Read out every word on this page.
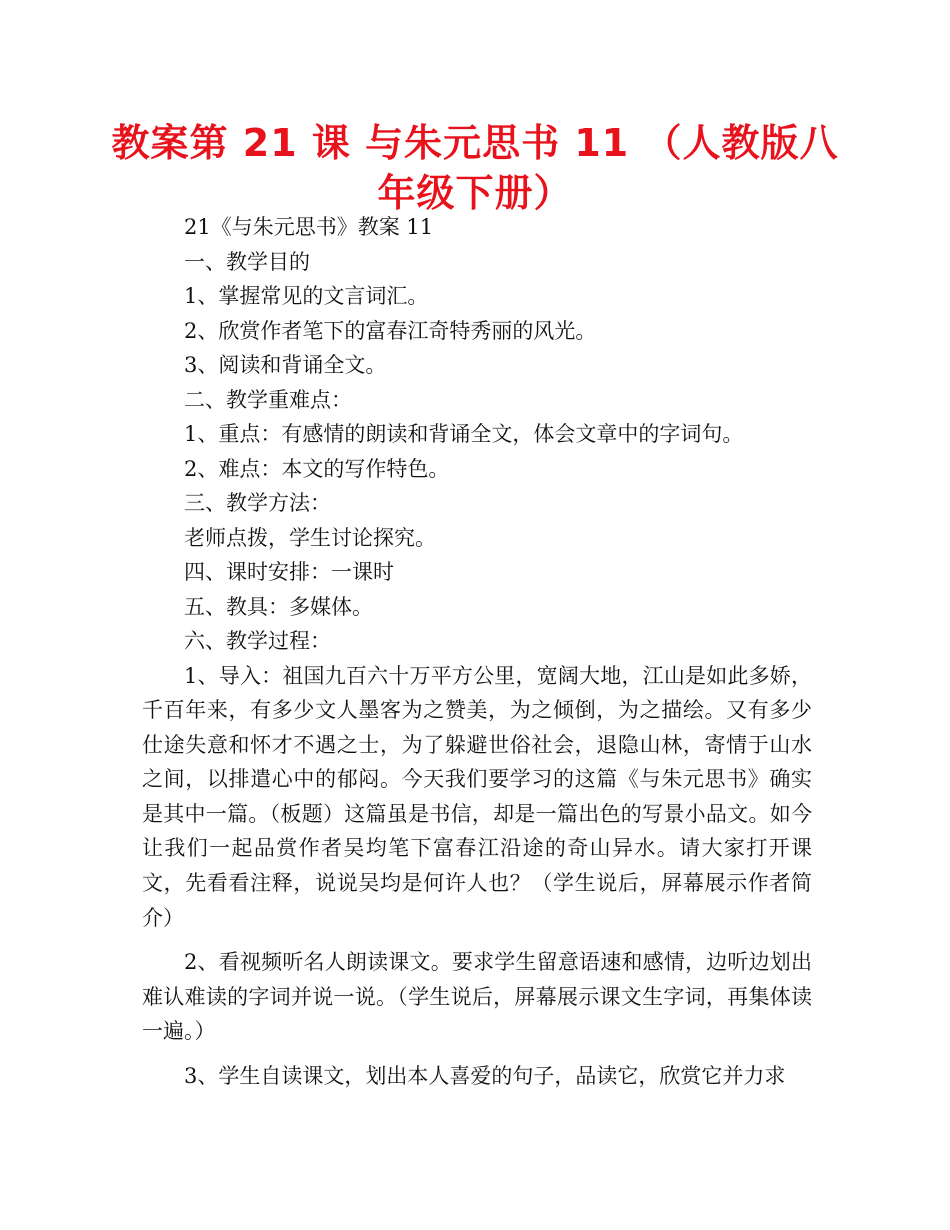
教案第 21 课 与朱元思书 11 （人教版八年级下册）
21《与朱元思书》教案 11
一、教学目的
1、掌握常见的文言词汇。
2、欣赏作者笔下的富春江奇特秀丽的风光。
3、阅读和背诵全文。
二、教学重难点：
1、重点：有感情的朗读和背诵全文，体会文章中的字词句。
2、难点：本文的写作特色。
三、教学方法：
老师点拨，学生讨论探究。
四、课时安排：一课时
五、教具：多媒体。
六、教学过程：

1、导入：祖国九百六十万平方公里，宽阔大地，江山是如此多娇，千百年来，有多少文人墨客为之赞美，为之倾倒，为之描绘。又有多少仕途失意和怀才不遇之士，为了躲避世俗社会，退隐山林，寄情于山水之间，以排遣心中的郁闷。今天我们要学习的这篇《与朱元思书》确实是其中一篇。（板题）这篇虽是书信，却是一篇出色的写景小品文。如今让我们一起品赏作者吴均笔下富春江沿途的奇山异水。请大家打开课文，先看看注释，说说吴均是何许人也？（学生说后，屏幕展示作者简介）

2、看视频听名人朗读课文。要求学生留意语速和感情，边听边划出难认难读的字词并说一说。（学生说后，屏幕展示课文生字词，再集体读一遍。）

3、学生自读课文，划出本人喜爱的句子，品读它，欣赏它并力求
